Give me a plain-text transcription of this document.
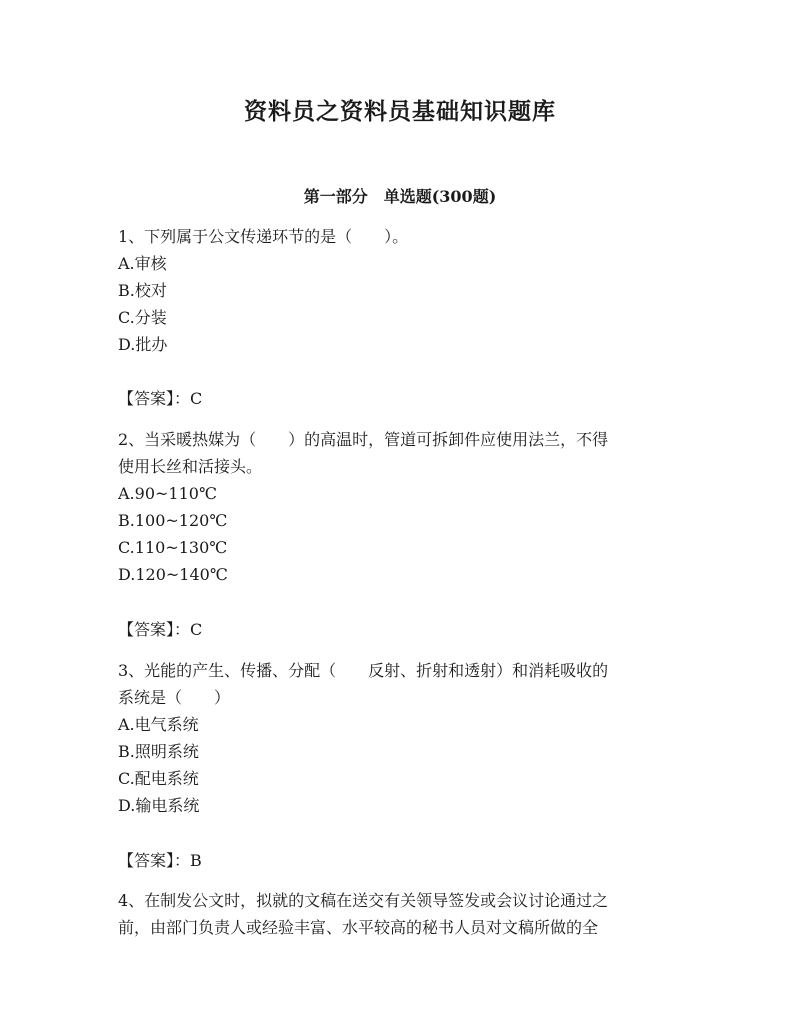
资料员之资料员基础知识题库
第一部分　单选题(300题)
1、下列属于公文传递环节的是（　　）。
A.审核
B.校对
C.分装
D.批办
【答案】：C
2、当采暖热媒为（　　）的高温时，管道可拆卸件应使用法兰，不得
使用长丝和活接头。
A.90~110℃
B.100~120℃
C.110~130℃
D.120~140℃
【答案】：C
3、光能的产生、传播、分配（　　反射、折射和透射）和消耗吸收的
系统是（　　）
A.电气系统
B.照明系统
C.配电系统
D.输电系统
【答案】：B
4、在制发公文时，拟就的文稿在送交有关领导签发或会议讨论通过之
前，由部门负责人或经验丰富、水平较高的秘书人员对文稿所做的全
